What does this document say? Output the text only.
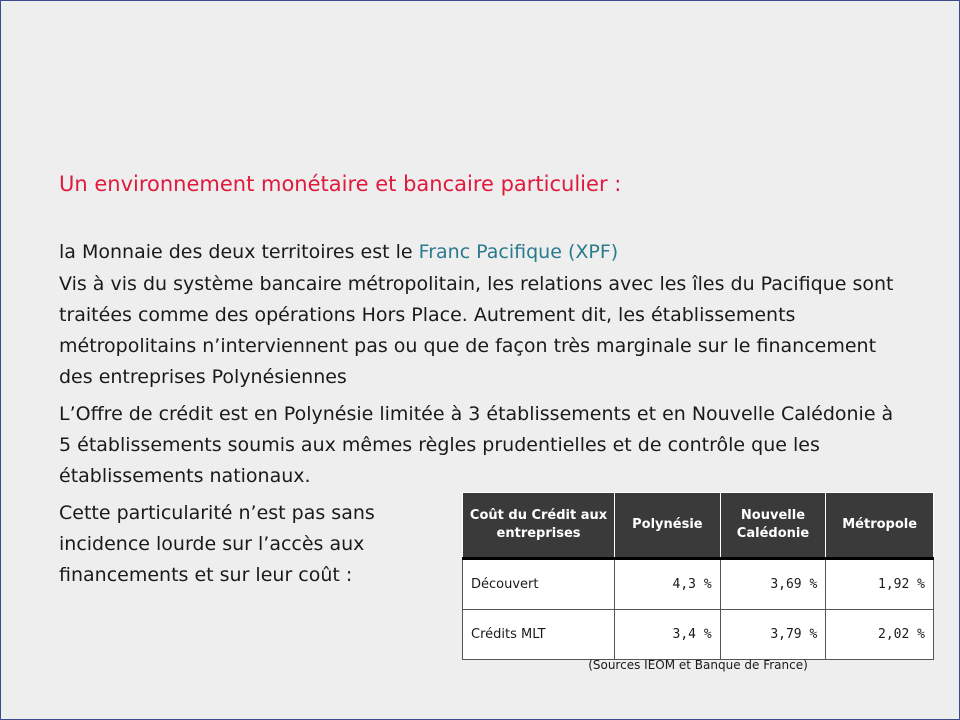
Un environnement monétaire et bancaire particulier :
la Monnaie des deux territoires est le Franc Pacifique (XPF)
Vis à vis du système bancaire métropolitain, les relations avec les îles du Pacifique sont traitées comme des opérations Hors Place. Autrement dit, les établissements métropolitains n’interviennent pas ou que de façon très marginale sur le financement des entreprises Polynésiennes
L’Offre de crédit est en Polynésie limitée à 3 établissements et en Nouvelle Calédonie à 5 établissements soumis aux mêmes règles prudentielles et de contrôle que les établissements nationaux.
Cette particularité n’est pas sans incidence lourde sur l’accès aux financements et sur leur coût :
Coût du Crédit aux entreprises	Polynésie	Nouvelle Calédonie	Métropole
Découvert	4,3 %	3,69 %	1,92 %
Crédits MLT	3,4 %	3,79 %	2,02 %
(Sources IEOM et Banque de France)
